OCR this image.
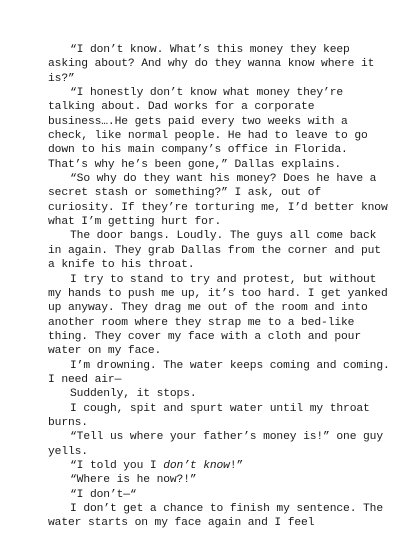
“I don’t know. What’s this money they keep asking about? And why do they wanna know where it is?”

“I honestly don’t know what money they’re talking about. Dad works for a corporate business….He gets paid every two weeks with a check, like normal people. He had to leave to go down to his main company’s office in Florida. That’s why he’s been gone,” Dallas explains.

“So why do they want his money? Does he have a secret stash or something?” I ask, out of curiosity. If they’re torturing me, I’d better know what I’m getting hurt for.

The door bangs. Loudly. The guys all come back in again. They grab Dallas from the corner and put a knife to his throat.

I try to stand to try and protest, but without my hands to push me up, it’s too hard. I get yanked up anyway. They drag me out of the room and into another room where they strap me to a bed-like thing. They cover my face with a cloth and pour water on my face.

I’m drowning. The water keeps coming and coming. I need air—

Suddenly, it stops.

I cough, spit and spurt water until my throat burns.

“Tell us where your father’s money is!” one guy yells.

“I told you I don’t know!”

“Where is he now?!”

“I don’t—“

I don’t get a chance to finish my sentence. The water starts on my face again and I feel
